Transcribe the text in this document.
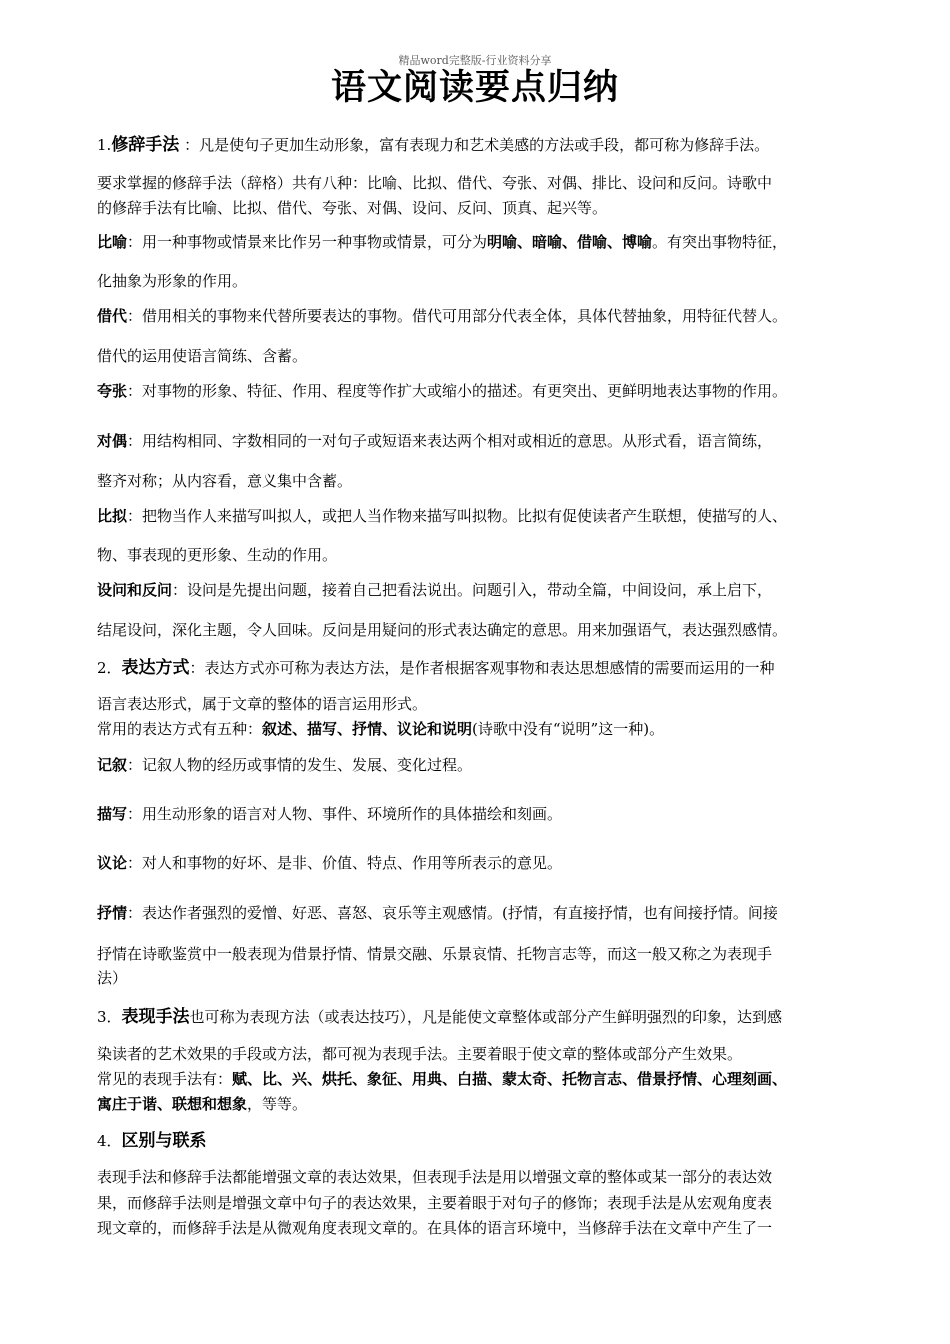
精品word完整版-行业资料分享
语文阅读要点归纳
1.修辞手法 ：凡是使句子更加生动形象，富有表现力和艺术美感的方法或手段，都可称为修辞手法。
要求掌握的修辞手法（辞格）共有八种：比喻、比拟、借代、夸张、对偶、排比、设问和反问。诗歌中
的修辞手法有比喻、比拟、借代、夸张、对偶、设问、反问、顶真、起兴等。
比喻：用一种事物或情景来比作另一种事物或情景，可分为明喻、暗喻、借喻、博喻。有突出事物特征，
化抽象为形象的作用。
借代：借用相关的事物来代替所要表达的事物。借代可用部分代表全体，具体代替抽象，用特征代替人。
借代的运用使语言简练、含蓄。
夸张：对事物的形象、特征、作用、程度等作扩大或缩小的描述。有更突出、更鲜明地表达事物的作用。
对偶：用结构相同、字数相同的一对句子或短语来表达两个相对或相近的意思。从形式看，语言简练，
整齐对称；从内容看，意义集中含蓄。
比拟：把物当作人来描写叫拟人，或把人当作物来描写叫拟物。比拟有促使读者产生联想，使描写的人、
物、事表现的更形象、生动的作用。
设问和反问：设问是先提出问题，接着自己把看法说出。问题引入，带动全篇，中间设问，承上启下，
结尾设问，深化主题，令人回味。反问是用疑问的形式表达确定的意思。用来加强语气，表达强烈感情。
2．表达方式：表达方式亦可称为表达方法，是作者根据客观事物和表达思想感情的需要而运用的一种
语言表达形式，属于文章的整体的语言运用形式。
常用的表达方式有五种：叙述、描写、抒情、议论和说明(诗歌中没有“说明”这一种)。
记叙：记叙人物的经历或事情的发生、发展、变化过程。
描写：用生动形象的语言对人物、事件、环境所作的具体描绘和刻画。
议论：对人和事物的好坏、是非、价值、特点、作用等所表示的意见。
抒情：表达作者强烈的爱憎、好恶、喜怒、哀乐等主观感情。(抒情，有直接抒情，也有间接抒情。间接
抒情在诗歌鉴赏中一般表现为借景抒情、情景交融、乐景哀情、托物言志等，而这一般又称之为表现手
法）
3．表现手法也可称为表现方法（或表达技巧），凡是能使文章整体或部分产生鲜明强烈的印象，达到感
染读者的艺术效果的手段或方法，都可视为表现手法。主要着眼于使文章的整体或部分产生效果。
常见的表现手法有：赋、比、兴、烘托、象征、用典、白描、蒙太奇、托物言志、借景抒情、心理刻画、
寓庄于谐、联想和想象，等等。
4．区别与联系
表现手法和修辞手法都能增强文章的表达效果，但表现手法是用以增强文章的整体或某一部分的表达效
果，而修辞手法则是增强文章中句子的表达效果，主要着眼于对句子的修饰；表现手法是从宏观角度表
现文章的，而修辞手法是从微观角度表现文章的。在具体的语言环境中，当修辞手法在文章中产生了一
